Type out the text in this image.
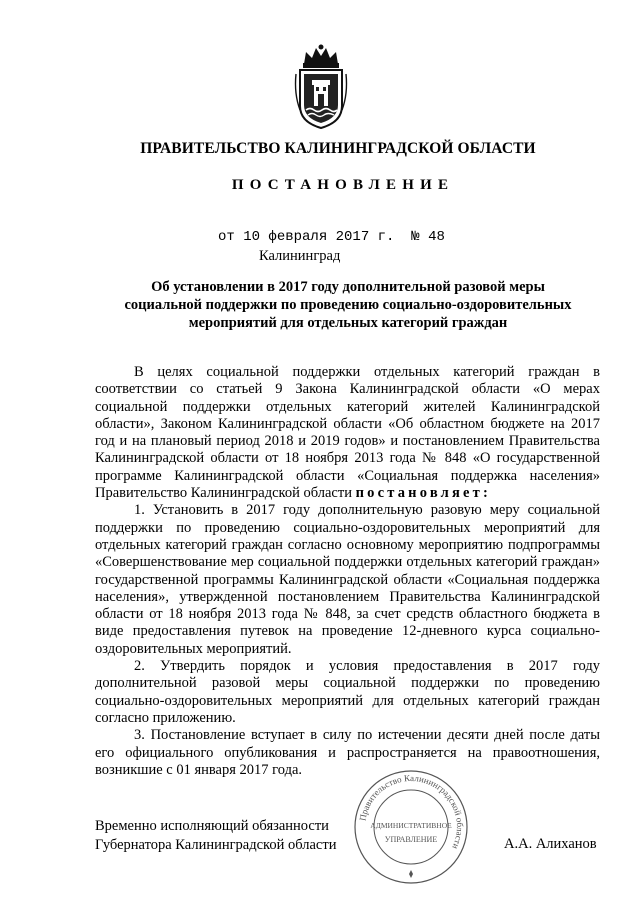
ПРАВИТЕЛЬСТВО КАЛИНИНГРАДСКОЙ ОБЛАСТИ
ПОСТАНОВЛЕНИЕ
от 10 февраля 2017 г. № 48
Калининград
Об установлении в 2017 году дополнительной разовой меры
социальной поддержки по проведению социально-оздоровительных
мероприятий для отдельных категорий граждан

В целях социальной поддержки отдельных категорий граждан в соответствии со статьей 9 Закона Калининградской области «О мерах социальной поддержки отдельных категорий жителей Калининградской области», Законом Калининградской области «Об областном бюджете на 2017 год и на плановый период 2018 и 2019 годов» и постановлением Правительства Калининградской области от 18 ноября 2013 года № 848 «О государственной программе Калининградской области «Социальная поддержка населения» Правительство Калининградской области постановляет:

1. Установить в 2017 году дополнительную разовую меру социальной поддержки по проведению социально-оздоровительных мероприятий для отдельных категорий граждан согласно основному мероприятию подпрограммы «Совершенствование мер социальной поддержки отдельных категорий граждан» государственной программы Калининградской области «Социальная поддержка населения», утвержденной постановлением Правительства Калининградской области от 18 ноября 2013 года № 848, за счет средств областного бюджета в виде предоставления путевок на проведение 12-дневного курса социально-оздоровительных мероприятий.

2. Утвердить порядок и условия предоставления в 2017 году дополнительной разовой меры социальной поддержки по проведению социально-оздоровительных мероприятий для отдельных категорий граждан согласно приложению.

3. Постановление вступает в силу по истечении десяти дней после даты его официального опубликования и распространяется на правоотношения, возникшие с 01 января 2017 года.

Временно исполняющий обязанности
Губернатора Калининградской области
Правительство Калининградской области
АДМИНИСТРАТИВНОЕ
УПРАВЛЕНИЕ	А.А. Алиханов
